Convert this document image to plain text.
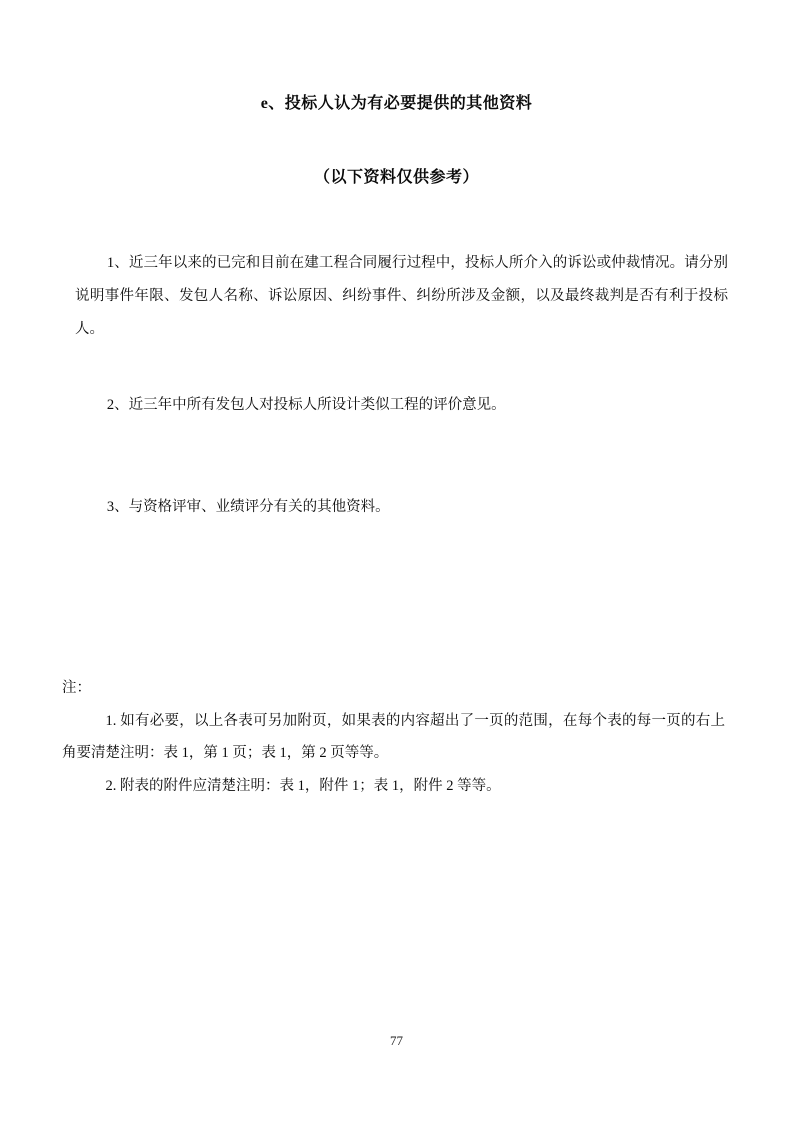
e、投标人认为有必要提供的其他资料
（以下资料仅供参考）

1、近三年以来的已完和目前在建工程合同履行过程中，投标人所介入的诉讼或仲裁情况。请分别说明事件年限、发包人名称、诉讼原因、纠纷事件、纠纷所涉及金额，以及最终裁判是否有利于投标人。

2、近三年中所有发包人对投标人所设计类似工程的评价意见。

3、与资格评审、业绩评分有关的其他资料。

注：

1. 如有必要，以上各表可另加附页，如果表的内容超出了一页的范围，在每个表的每一页的右上角要清楚注明：表 1，第 1 页；表 1，第 2 页等等。

2. 附表的附件应清楚注明：表 1，附件 1；表 1，附件 2 等等。

77
